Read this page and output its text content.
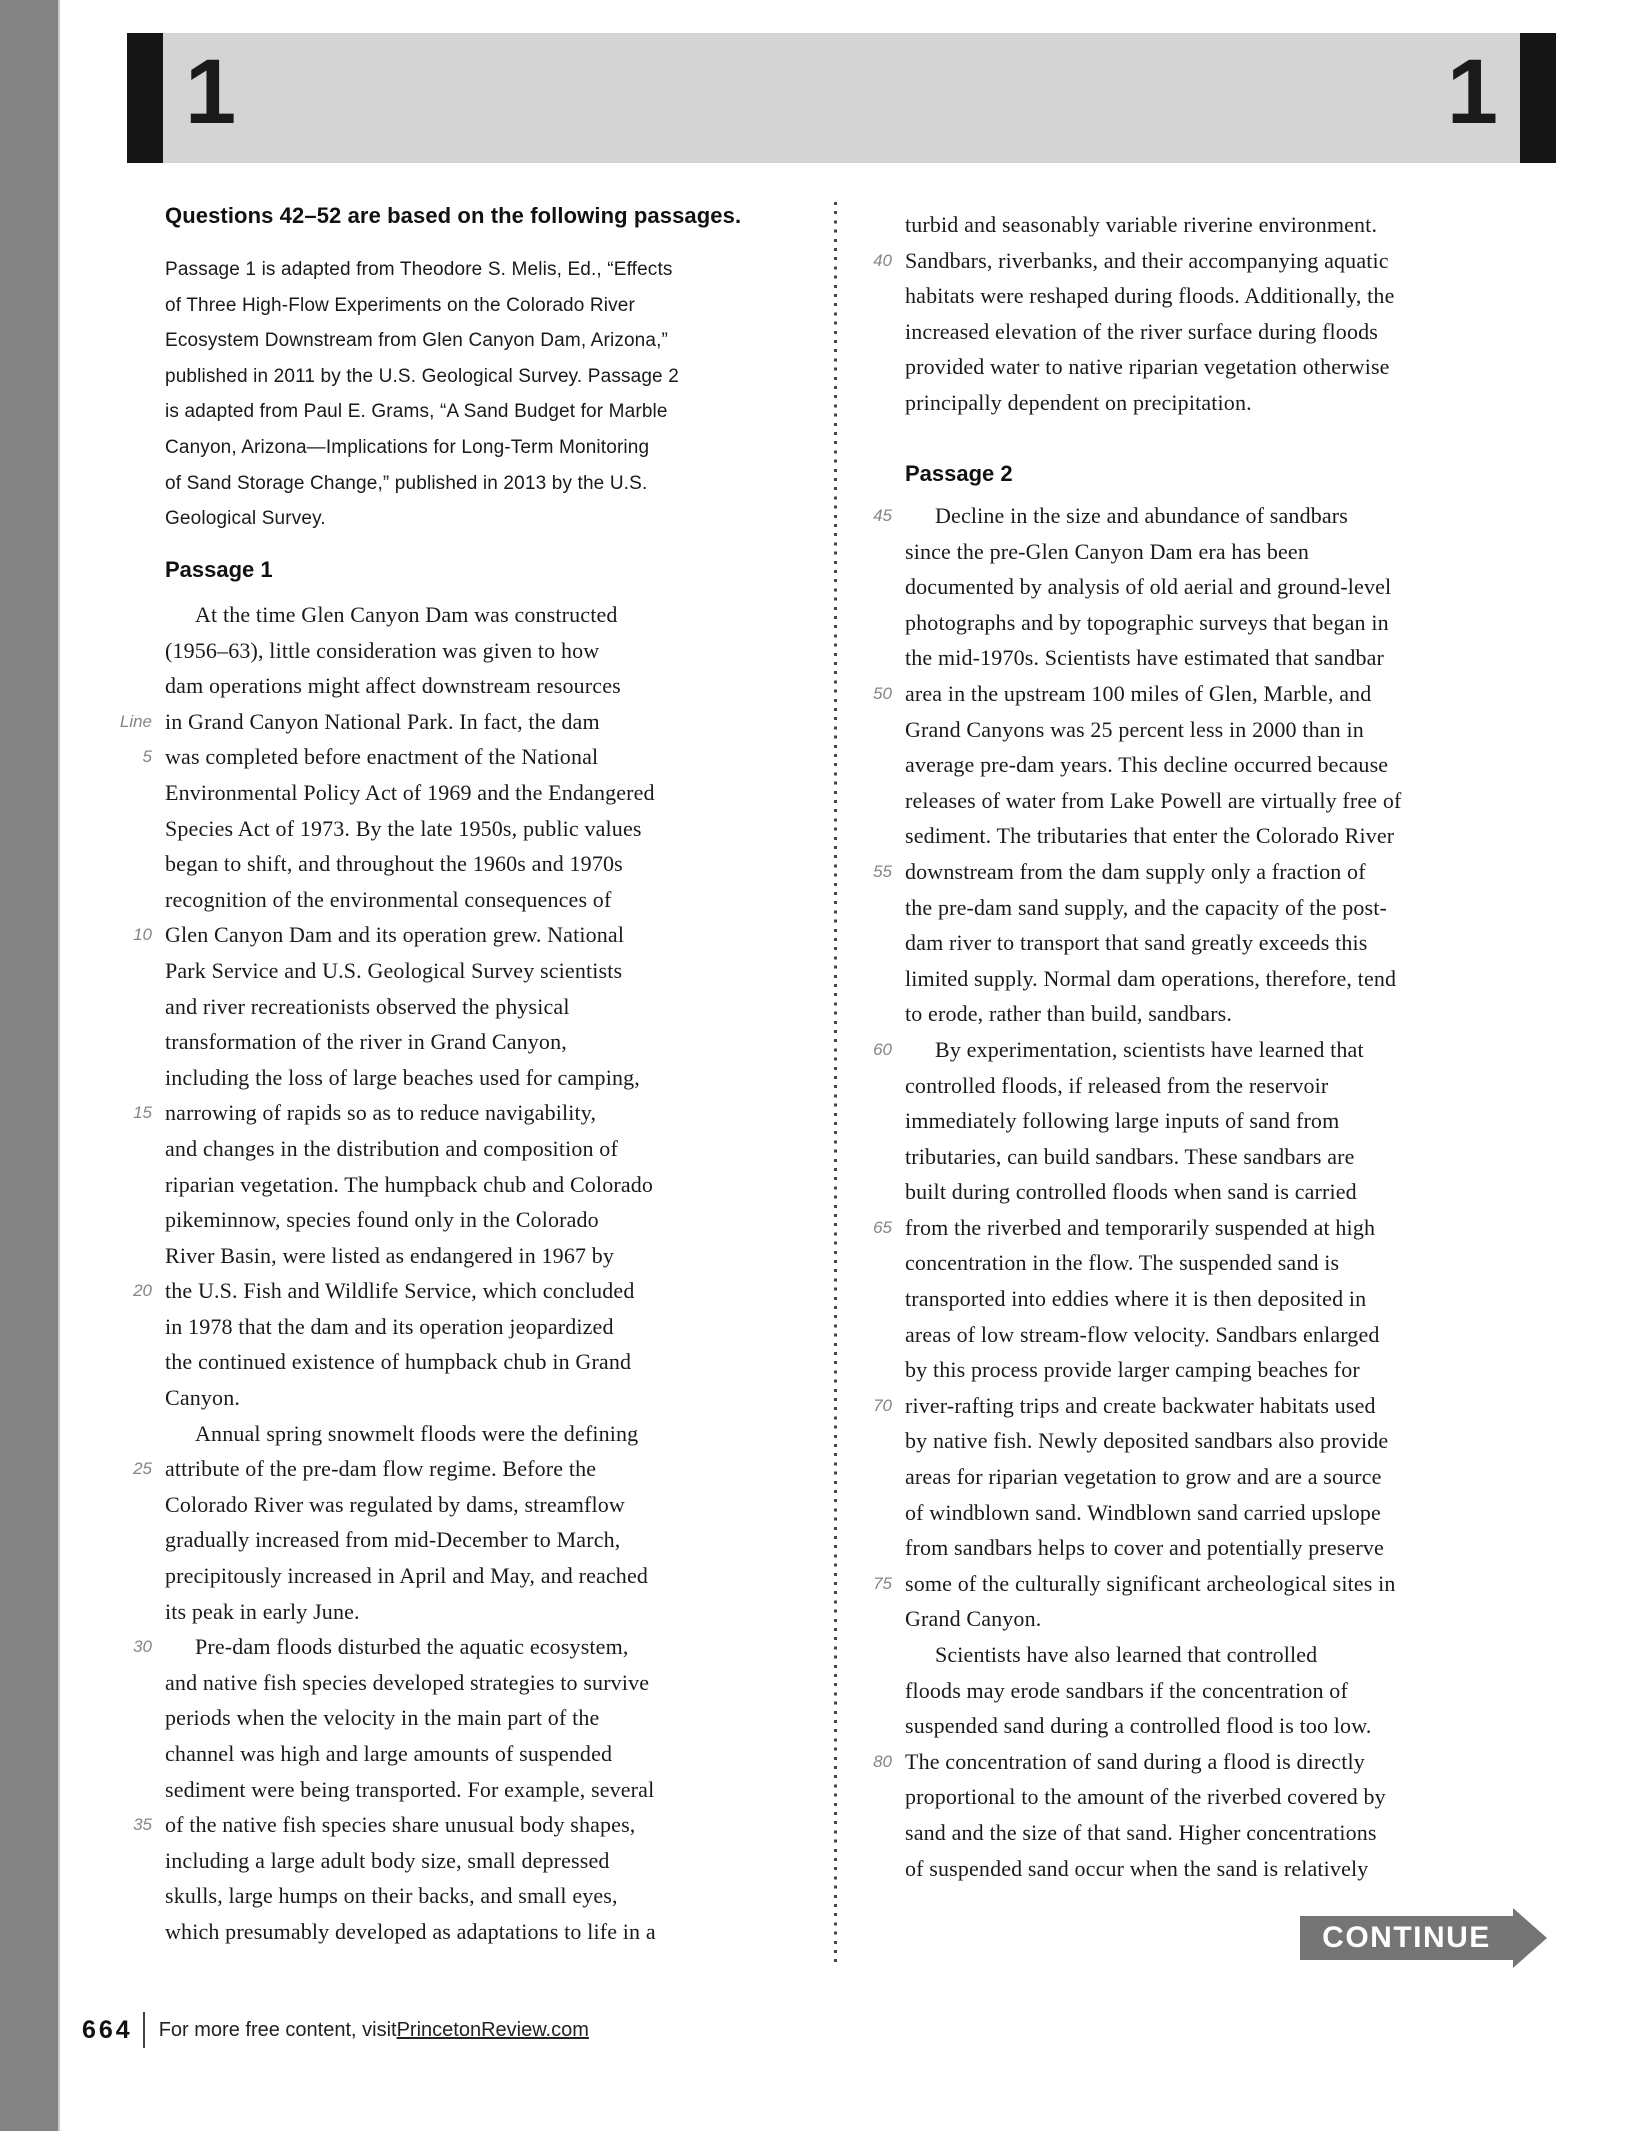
1	1
Questions 42–52 are based on the following passages.
Passage 1 is adapted from Theodore S. Melis, Ed., “Effects
of Three High-Flow Experiments on the Colorado River
Ecosystem Downstream from Glen Canyon Dam, Arizona,”
published in 2011 by the U.S. Geological Survey. Passage 2
is adapted from Paul E. Grams, “A Sand Budget for Marble
Canyon, Arizona—Implications for Long-Term Monitoring
of Sand Storage Change,” published in 2013 by the U.S.
Geological Survey.
Passage 1
At the time Glen Canyon Dam was constructed
(1956–63), little consideration was given to how
dam operations might affect downstream resources
Line in Grand Canyon National Park. In fact, the dam
5 was completed before enactment of the National
Environmental Policy Act of 1969 and the Endangered
Species Act of 1973. By the late 1950s, public values
began to shift, and throughout the 1960s and 1970s
recognition of the environmental consequences of
10 Glen Canyon Dam and its operation grew. National
Park Service and U.S. Geological Survey scientists
and river recreationists observed the physical
transformation of the river in Grand Canyon,
including the loss of large beaches used for camping,
15 narrowing of rapids so as to reduce navigability,
and changes in the distribution and composition of
riparian vegetation. The humpback chub and Colorado
pikeminnow, species found only in the Colorado
River Basin, were listed as endangered in 1967 by
20 the U.S. Fish and Wildlife Service, which concluded
in 1978 that the dam and its operation jeopardized
the continued existence of humpback chub in Grand
Canyon.
Annual spring snowmelt floods were the defining
25 attribute of the pre-dam flow regime. Before the
Colorado River was regulated by dams, streamflow
gradually increased from mid-December to March,
precipitously increased in April and May, and reached
its peak in early June.
30	Pre-dam floods disturbed the aquatic ecosystem,
and native fish species developed strategies to survive
periods when the velocity in the main part of the
channel was high and large amounts of suspended
sediment were being transported. For example, several
35 of the native fish species share unusual body shapes,
including a large adult body size, small depressed
skulls, large humps on their backs, and small eyes,
which presumably developed as adaptations to life in a
turbid and seasonably variable riverine environment.
40 Sandbars, riverbanks, and their accompanying aquatic
habitats were reshaped during floods. Additionally, the
increased elevation of the river surface during floods
provided water to native riparian vegetation otherwise
principally dependent on precipitation.
Passage 2
45	Decline in the size and abundance of sandbars
since the pre-Glen Canyon Dam era has been
documented by analysis of old aerial and ground-level
photographs and by topographic surveys that began in
the mid-1970s. Scientists have estimated that sandbar
50 area in the upstream 100 miles of Glen, Marble, and
Grand Canyons was 25 percent less in 2000 than in
average pre-dam years. This decline occurred because
releases of water from Lake Powell are virtually free of
sediment. The tributaries that enter the Colorado River
55 downstream from the dam supply only a fraction of
the pre-dam sand supply, and the capacity of the post-
dam river to transport that sand greatly exceeds this
limited supply. Normal dam operations, therefore, tend
to erode, rather than build, sandbars.
60	By experimentation, scientists have learned that
controlled floods, if released from the reservoir
immediately following large inputs of sand from
tributaries, can build sandbars. These sandbars are
built during controlled floods when sand is carried
65 from the riverbed and temporarily suspended at high
concentration in the flow. The suspended sand is
transported into eddies where it is then deposited in
areas of low stream-flow velocity. Sandbars enlarged
by this process provide larger camping beaches for
70 river-rafting trips and create backwater habitats used
by native fish. Newly deposited sandbars also provide
areas for riparian vegetation to grow and are a source
of windblown sand. Windblown sand carried upslope
from sandbars helps to cover and potentially preserve
75 some of the culturally significant archeological sites in
Grand Canyon.
Scientists have also learned that controlled
floods may erode sandbars if the concentration of
suspended sand during a controlled flood is too low.
80 The concentration of sand during a flood is directly
proportional to the amount of the riverbed covered by
sand and the size of that sand. Higher concentrations
of suspended sand occur when the sand is relatively
CONTINUE
664 For more free content, visit PrincetonReview.com
